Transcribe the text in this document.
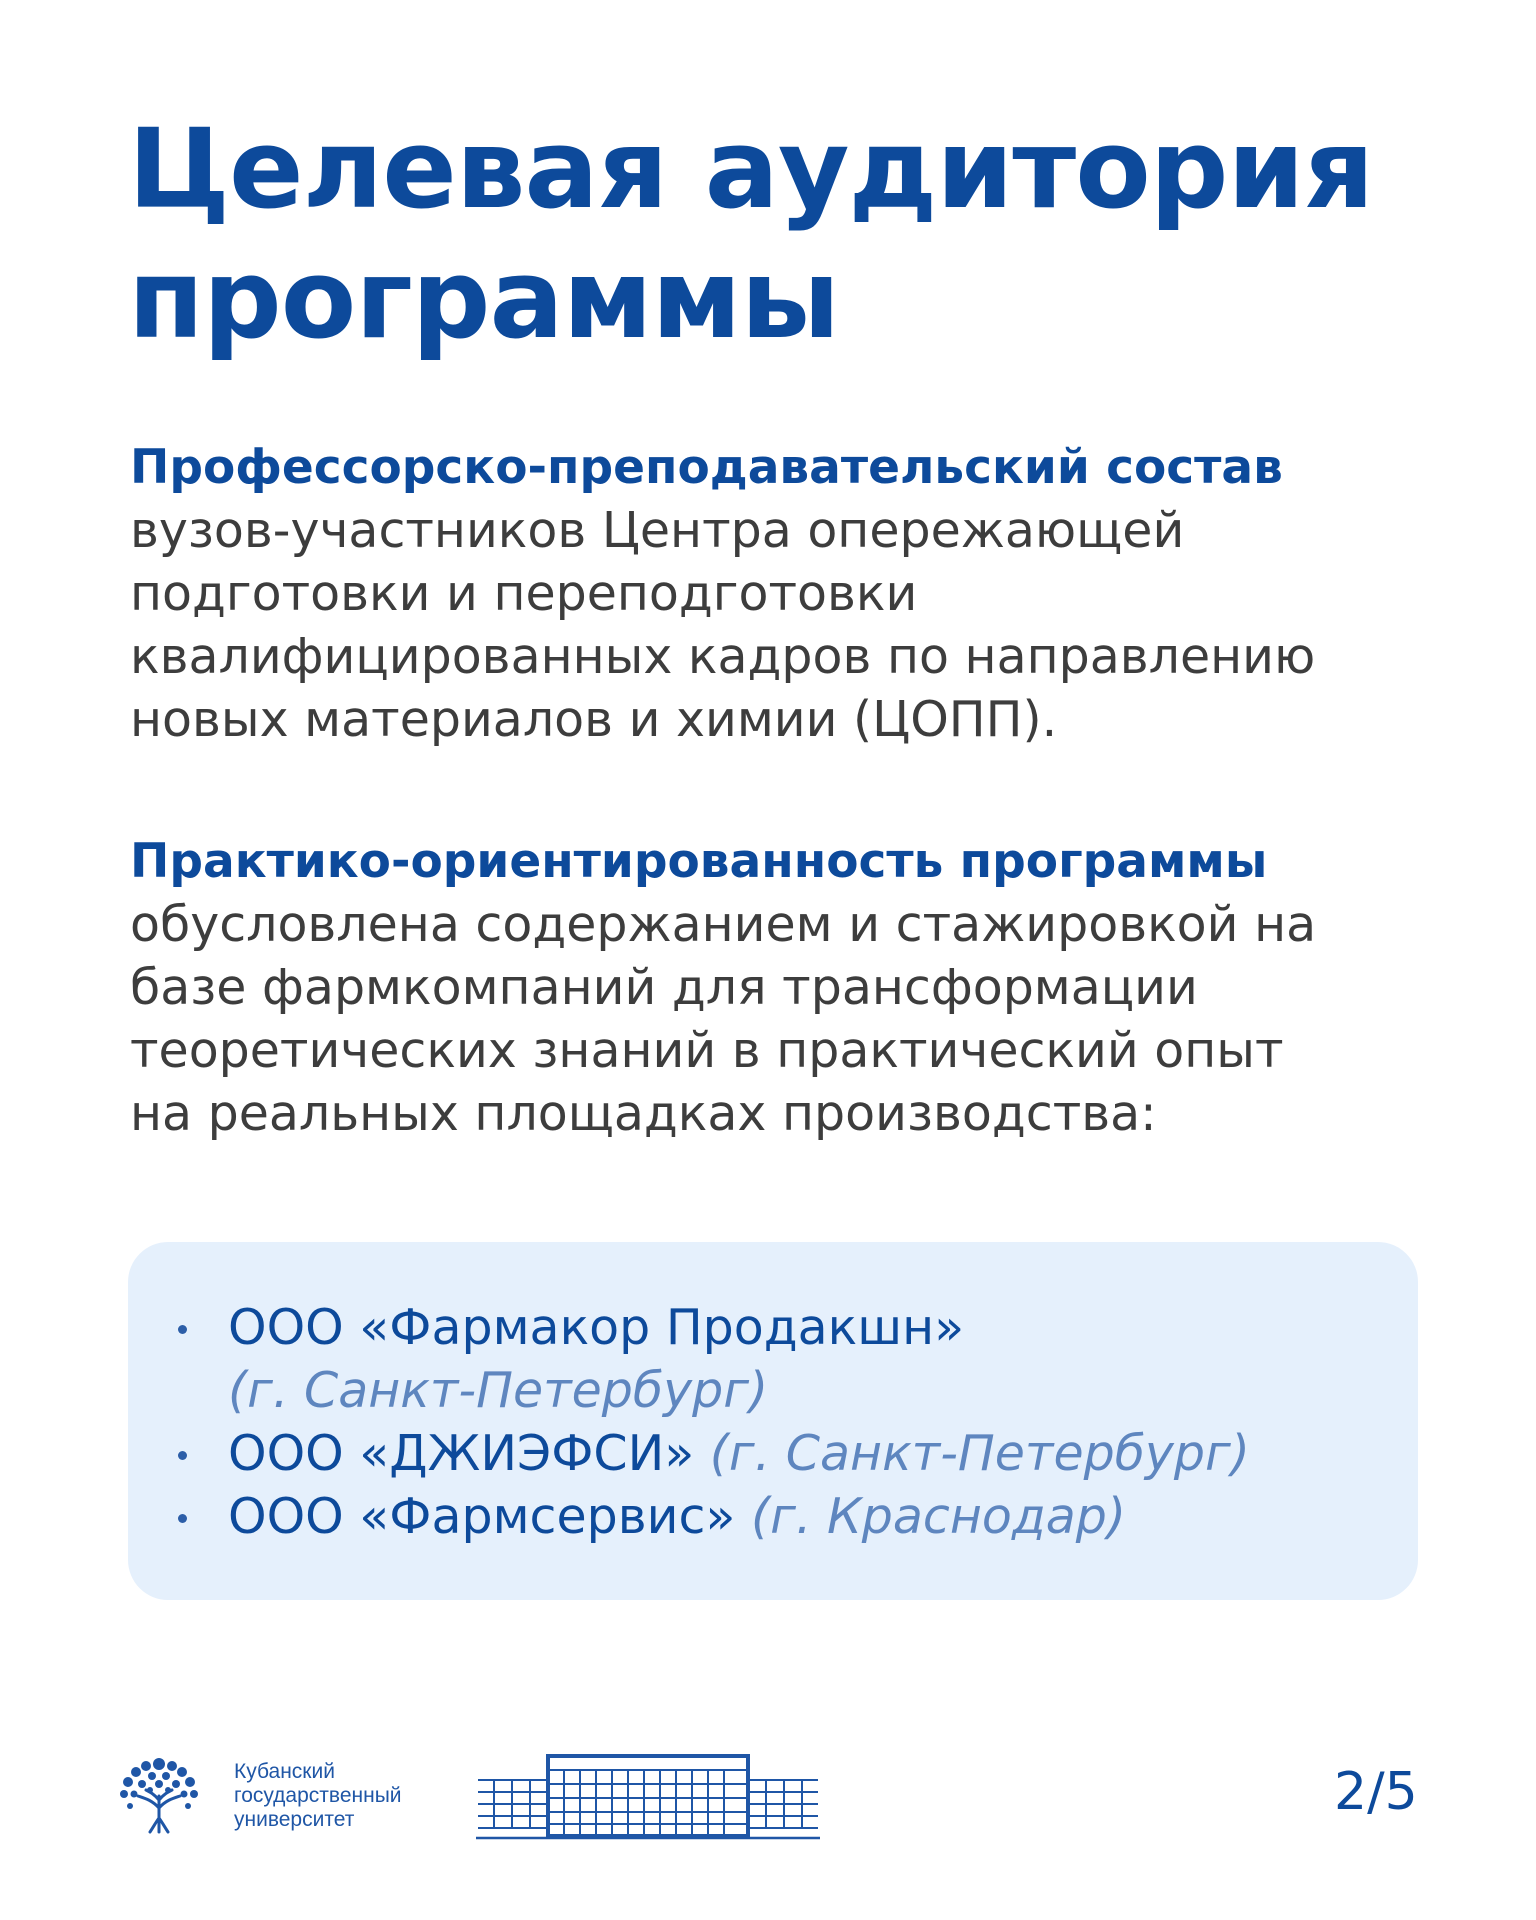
Целевая аудитория
программы
Профессорско-преподавательский состав
вузов-участников Центра опережающей
подготовки и переподготовки
квалифицированных кадров по направлению
новых материалов и химии (ЦОПП).
Практико-ориентированность программы
обусловлена содержанием и стажировкой на
базе фармкомпаний для трансформации
теоретических знаний в практический опыт
на реальных площадках производства:
ООО «Фармакор Продакшн»
(г. Санкт-Петербург)
ООО «ДЖИЭФСИ» (г. Санкт-Петербург)
ООО «Фармсервис» (г. Краснодар)
Кубанский
государственный
университет	2/5
